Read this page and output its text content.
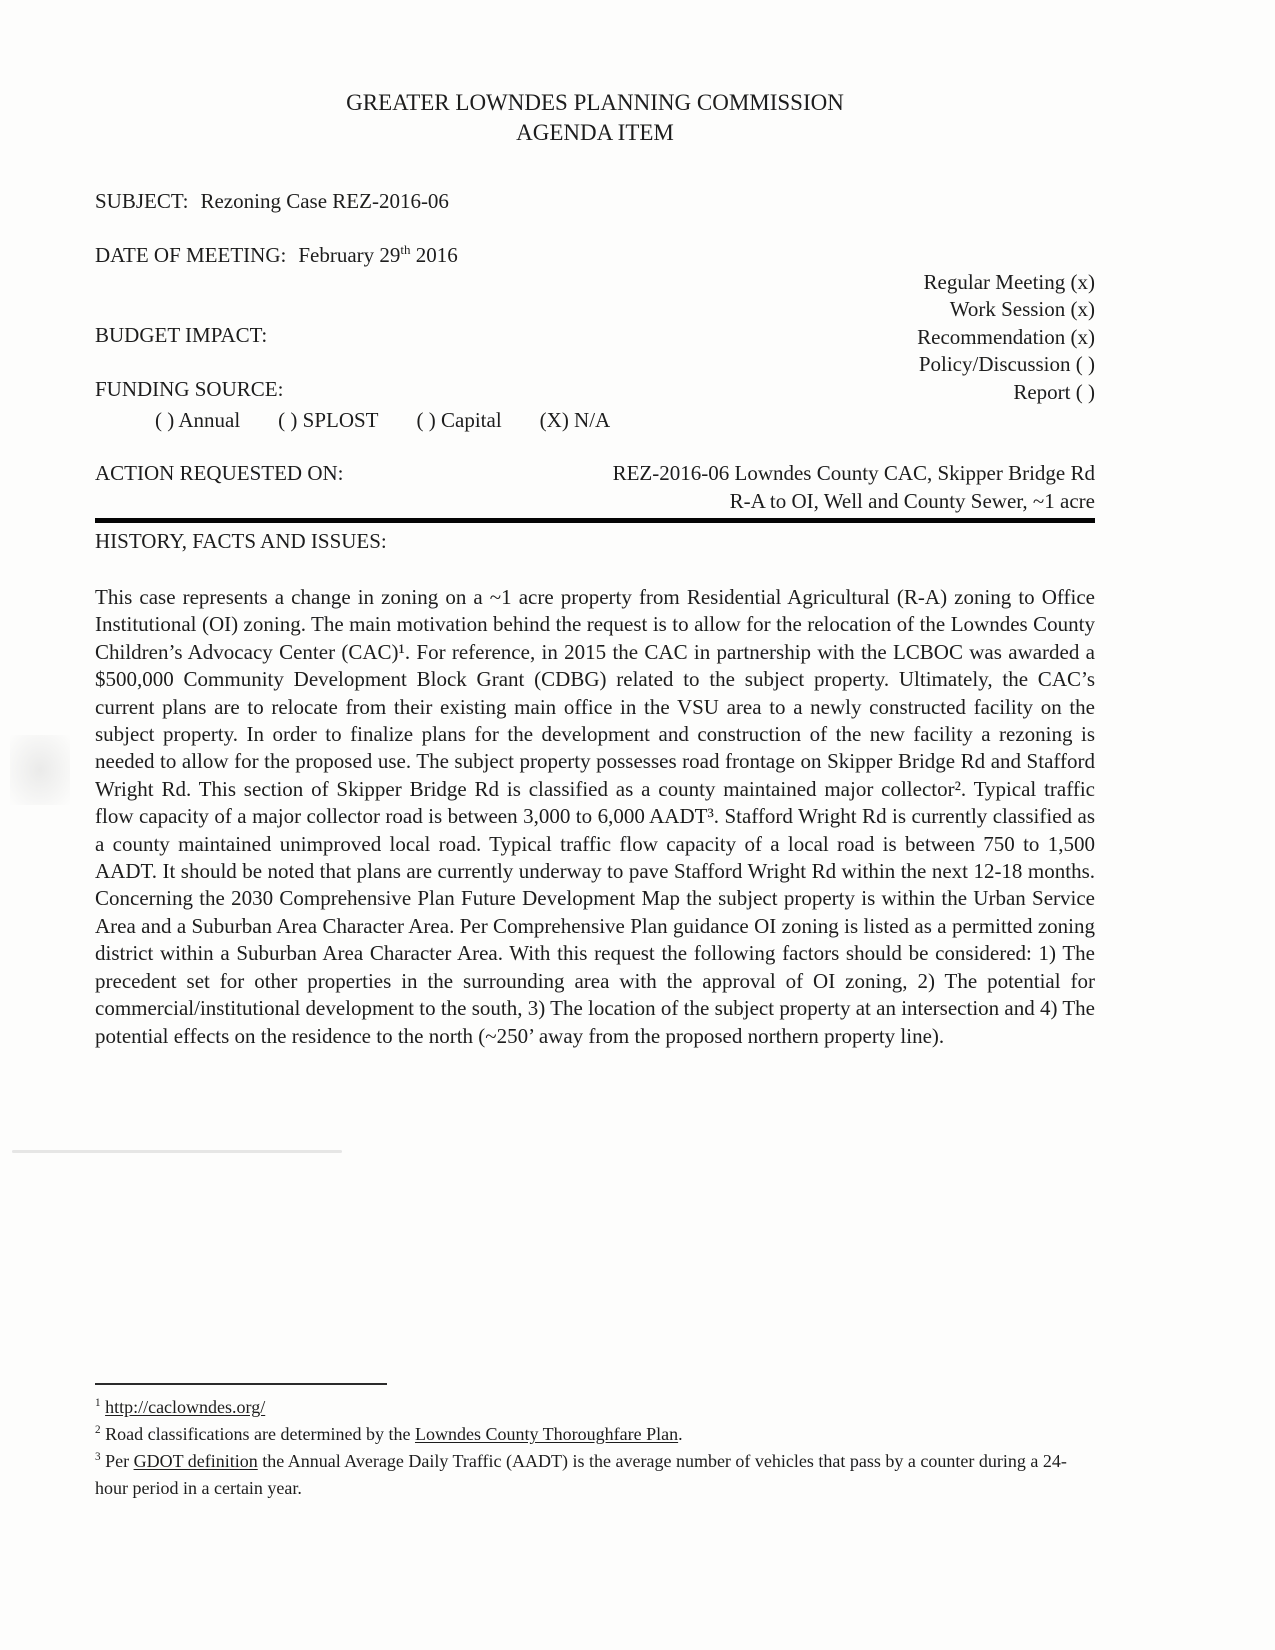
GREATER LOWNDES PLANNING COMMISSION
AGENDA ITEM
SUBJECT: Rezoning Case REZ-2016-06
DATE OF MEETING: February 29th 2016
Regular Meeting (x)
Work Session (x)
Recommendation (x)
Policy/Discussion ( )
Report ( )
BUDGET IMPACT:
FUNDING SOURCE:
( ) Annual ( ) SPLOST ( ) Capital (X) N/A
ACTION REQUESTED ON:	REZ-2016-06 Lowndes County CAC, Skipper Bridge Rd
R-A to OI, Well and County Sewer, ~1 acre
HISTORY, FACTS AND ISSUES:

This case represents a change in zoning on a ~1 acre property from Residential Agricultural (R-A) zoning to Office Institutional (OI) zoning. The main motivation behind the request is to allow for the relocation of the Lowndes County Children’s Advocacy Center (CAC)¹. For reference, in 2015 the CAC in partnership with the LCBOC was awarded a $500,000 Community Development Block Grant (CDBG) related to the subject property. Ultimately, the CAC’s current plans are to relocate from their existing main office in the VSU area to a newly constructed facility on the subject property. In order to finalize plans for the development and construction of the new facility a rezoning is needed to allow for the proposed use. The subject property possesses road frontage on Skipper Bridge Rd and Stafford Wright Rd. This section of Skipper Bridge Rd is classified as a county maintained major collector². Typical traffic flow capacity of a major collector road is between 3,000 to 6,000 AADT³. Stafford Wright Rd is currently classified as a county maintained unimproved local road. Typical traffic flow capacity of a local road is between 750 to 1,500 AADT. It should be noted that plans are currently underway to pave Stafford Wright Rd within the next 12-18 months. Concerning the 2030 Comprehensive Plan Future Development Map the subject property is within the Urban Service Area and a Suburban Area Character Area. Per Comprehensive Plan guidance OI zoning is listed as a permitted zoning district within a Suburban Area Character Area. With this request the following factors should be considered: 1) The precedent set for other properties in the surrounding area with the approval of OI zoning, 2) The potential for commercial/institutional development to the south, 3) The location of the subject property at an intersection and 4) The potential effects on the residence to the north (~250’ away from the proposed northern property line).

$^1$ http://caclowndes.org/
$^2$ Road classifications are determined by the Lowndes County Thoroughfare Plan.
$^3$ Per GDOT definition the Annual Average Daily Traffic (AADT) is the average number of vehicles that pass by a counter during a 24-hour period in a certain year.
